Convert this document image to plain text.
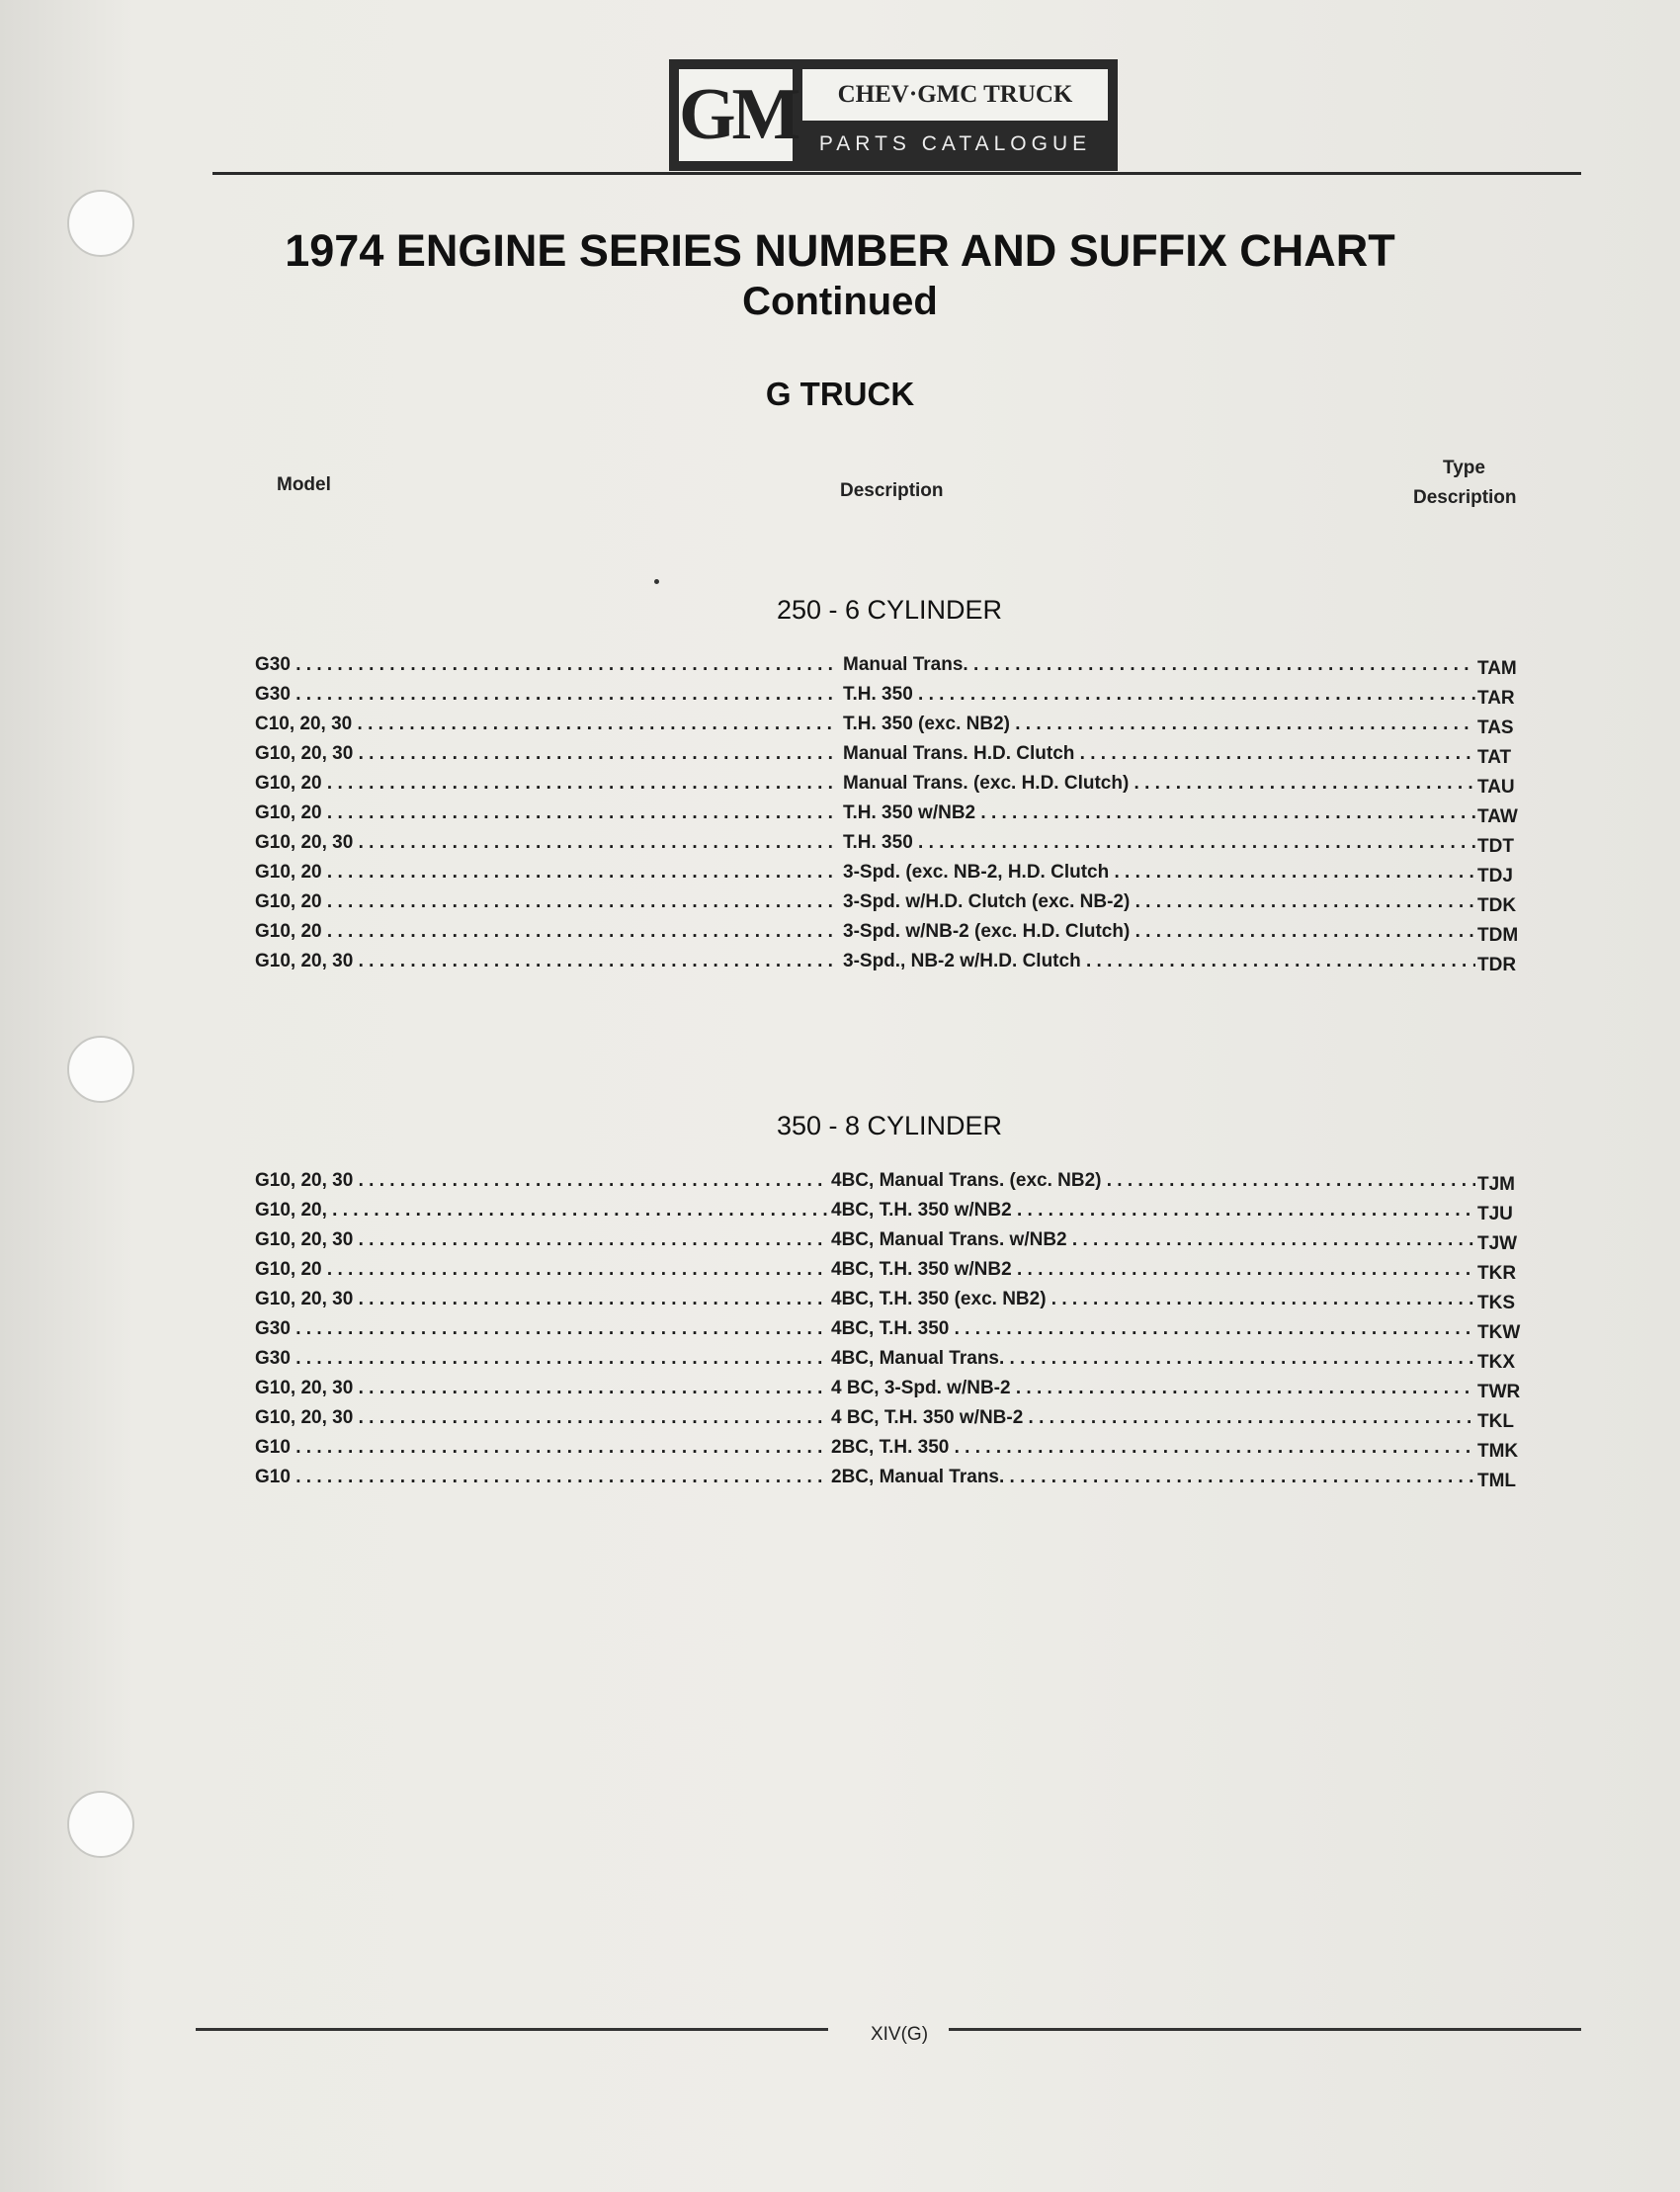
GM	CHEV·GMC TRUCK
PARTS CATALOGUE
1974 ENGINE SERIES NUMBER AND SUFFIX CHART
Continued
G TRUCK
Model	Description
Type
Description
250 - 6 CYLINDER
G30 . . .	Manual Trans. . . .	TAM
G30 . . .	T.H. 350 . . .	TAR
C10, 20, 30 . . .	T.H. 350 (exc. NB2) . . .	TAS
G10, 20, 30 . . .	Manual Trans. H.D. Clutch . . .	TAT
G10, 20 . . .	Manual Trans. (exc. H.D. Clutch) . . .	TAU
G10, 20 . . .	T.H. 350 w/NB2 . . .	TAW
G10, 20, 30 . . .	T.H. 350 . . .	TDT
G10, 20 . . .	3-Spd. (exc. NB-2, H.D. Clutch . . .	TDJ
G10, 20 . . .	3-Spd. w/H.D. Clutch (exc. NB-2) . . .	TDK
G10, 20 . . .	3-Spd. w/NB-2 (exc. H.D. Clutch) . . .	TDM
G10, 20, 30 . . .	3-Spd., NB-2 w/H.D. Clutch . . .	TDR
350 - 8 CYLINDER
G10, 20, 30 . . .	4BC, Manual Trans. (exc. NB2) . . .	TJM
G10, 20, . . .	4BC, T.H. 350 w/NB2 . . .	TJU
G10, 20, 30 . . .	4BC, Manual Trans. w/NB2 . . .	TJW
G10, 20 . . .	4BC, T.H. 350 w/NB2 . . .	TKR
G10, 20, 30 . . .	4BC, T.H. 350 (exc. NB2) . . .	TKS
G30 . . .	4BC, T.H. 350 . . .	TKW
G30 . . .	4BC, Manual Trans. . . .	TKX
G10, 20, 30 . . .	4 BC, 3-Spd. w/NB-2 . . .	TWR
G10, 20, 30 . . .	4 BC, T.H. 350 w/NB-2 . . .	TKL
G10 . . .	2BC, T.H. 350 . . .	TMK
G10 . . .	2BC, Manual Trans. . . .	TML
XIV(G)
